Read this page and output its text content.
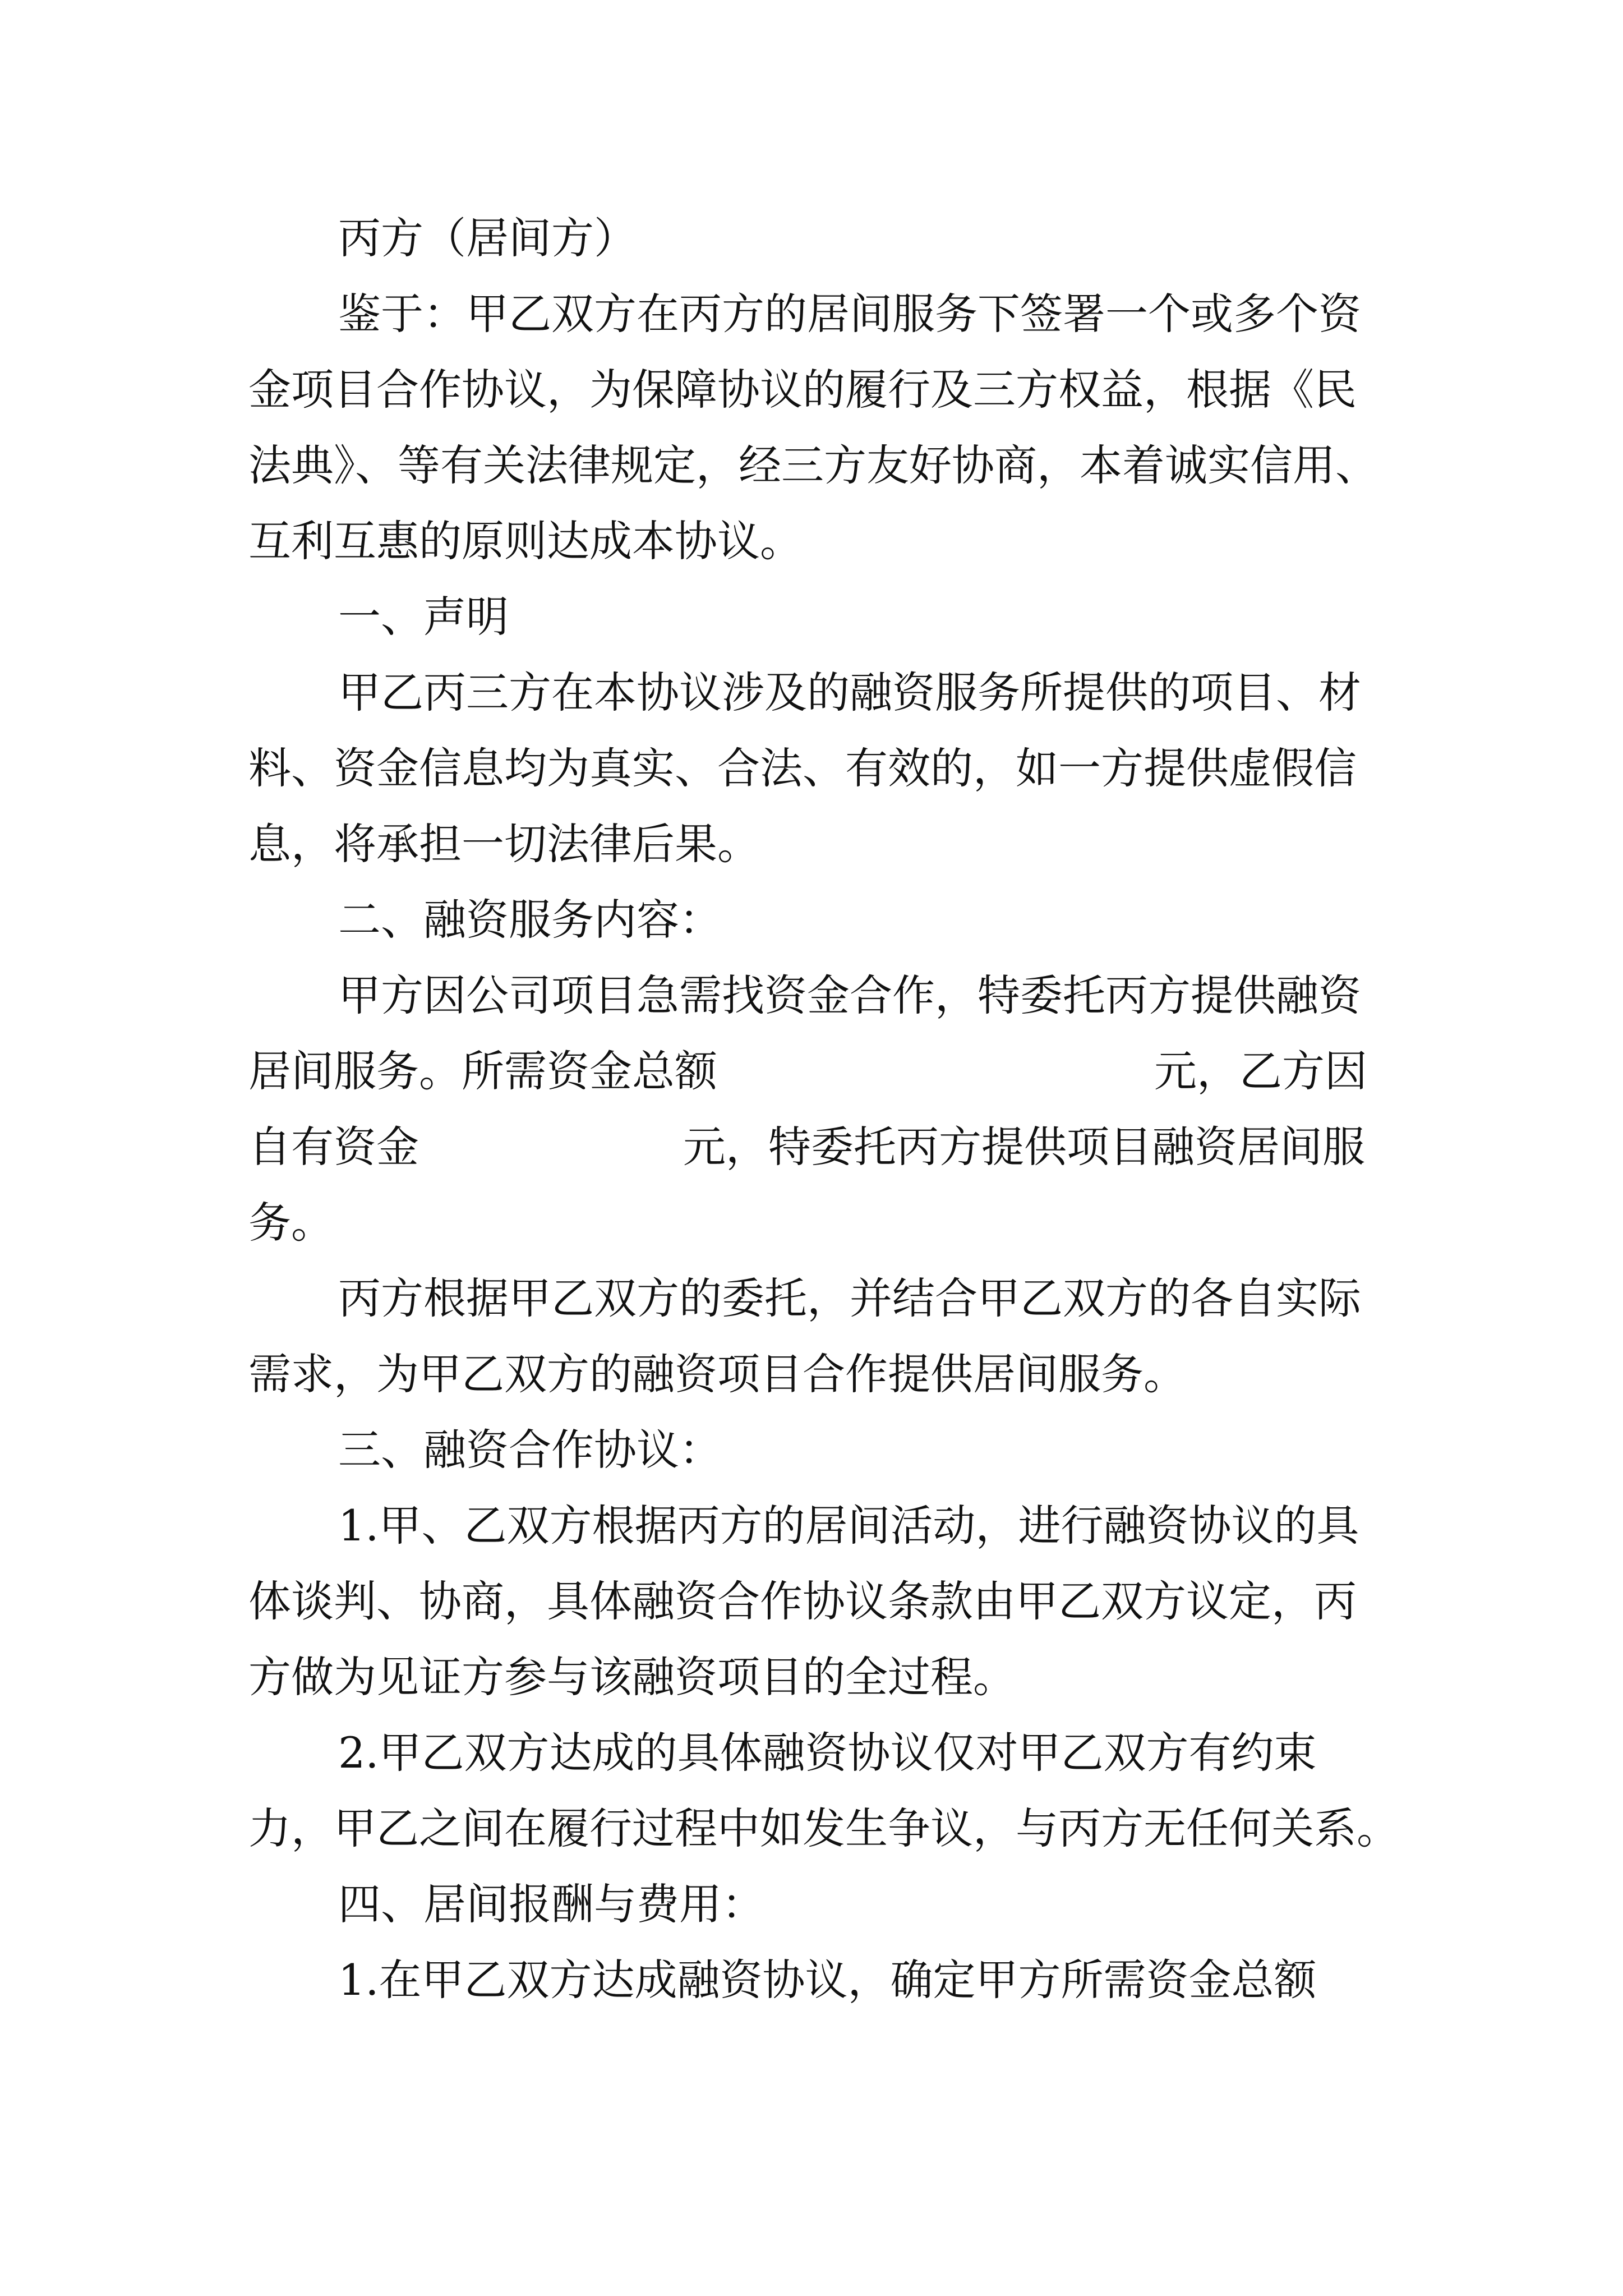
丙方（居间方）

鉴于：甲乙双方在丙方的居间服务下签署一个或多个资

金项目合作协议，为保障协议的履行及三方权益，根据《民

法典》、等有关法律规定，经三方友好协商，本着诚实信用、

互利互惠的原则达成本协议。

一、声明

甲乙丙三方在本协议涉及的融资服务所提供的项目、材

料、资金信息均为真实、合法、有效的，如一方提供虚假信

息，将承担一切法律后果。

二、融资服务内容：

甲方因公司项目急需找资金合作，特委托丙方提供融资

居间服务。所需资金总额	元，乙方因

自有资金	元，特委托丙方提供项目融资居间服

务。

丙方根据甲乙双方的委托，并结合甲乙双方的各自实际

需求，为甲乙双方的融资项目合作提供居间服务。

三、融资合作协议：

1.甲、乙双方根据丙方的居间活动，进行融资协议的具

体谈判、协商，具体融资合作协议条款由甲乙双方议定，丙

方做为见证方参与该融资项目的全过程。

2.甲乙双方达成的具体融资协议仅对甲乙双方有约束

力，甲乙之间在履行过程中如发生争议，与丙方无任何关系。

四、居间报酬与费用：

1.在甲乙双方达成融资协议，确定甲方所需资金总额
